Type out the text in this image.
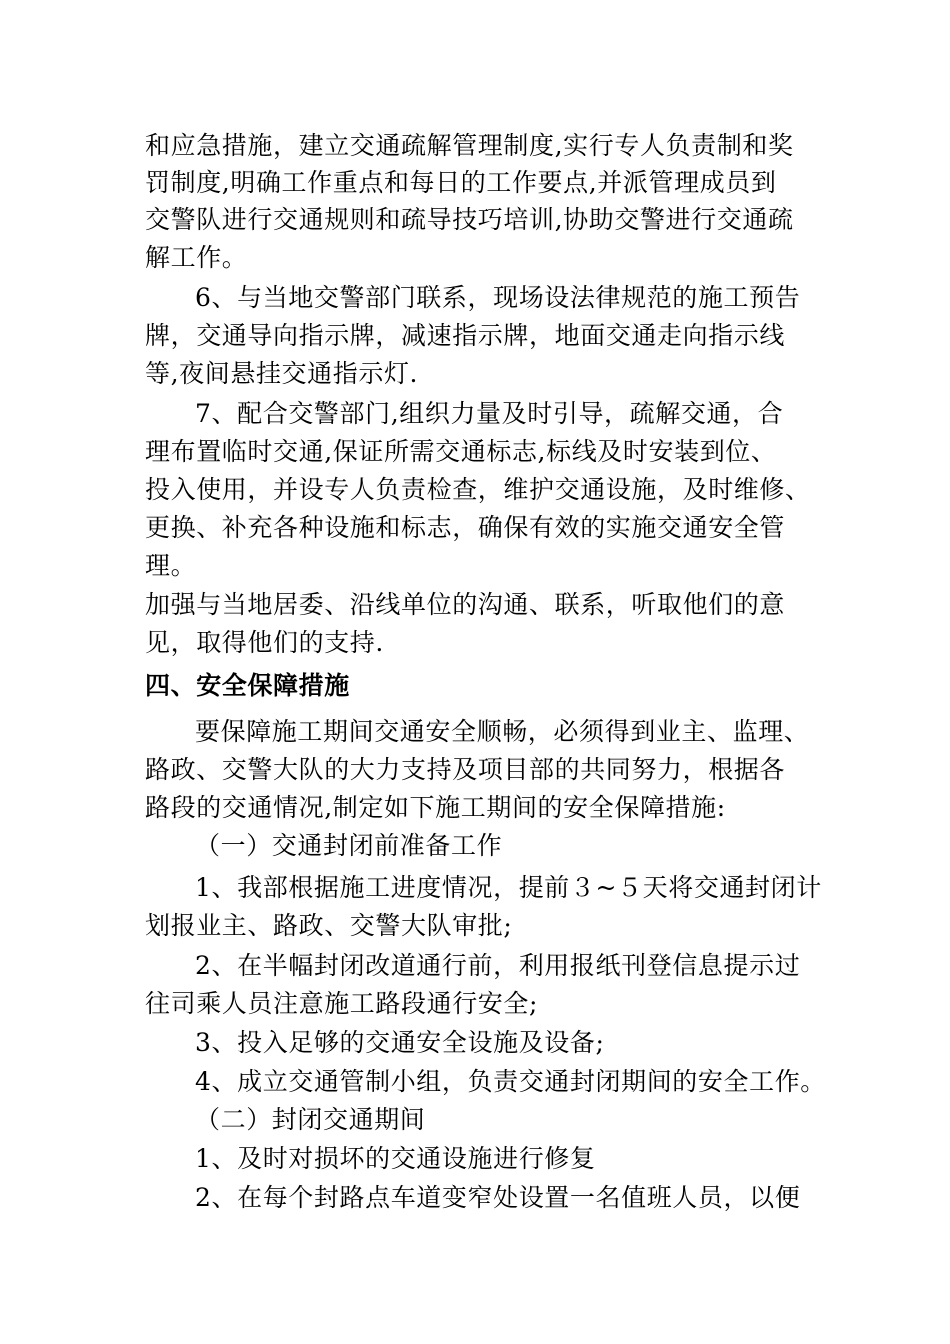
和应急措施，建立交通疏解管理制度,实行专人负责制和奖
罚制度,明确工作重点和每日的工作要点,并派管理成员到
交警队进行交通规则和疏导技巧培训,协助交警进行交通疏
解工作。
6、与当地交警部门联系，现场设法律规范的施工预告
牌，交通导向指示牌，减速指示牌，地面交通走向指示线
等,夜间悬挂交通指示灯.
7、配合交警部门,组织力量及时引导，疏解交通，合
理布置临时交通,保证所需交通标志,标线及时安装到位、
投入使用，并设专人负责检查，维护交通设施，及时维修、
更换、补充各种设施和标志，确保有效的实施交通安全管
理。
加强与当地居委、沿线单位的沟通、联系，听取他们的意
见，取得他们的支持.
四、安全保障措施
要保障施工期间交通安全顺畅，必须得到业主、监理、
路政、交警大队的大力支持及项目部的共同努力，根据各
路段的交通情况,制定如下施工期间的安全保障措施:
（一）交通封闭前准备工作
1、我部根据施工进度情况，提前３~５天将交通封闭计
划报业主、路政、交警大队审批;
2、在半幅封闭改道通行前，利用报纸刊登信息提示过
往司乘人员注意施工路段通行安全;
3、投入足够的交通安全设施及设备;
4、成立交通管制小组，负责交通封闭期间的安全工作。
（二）封闭交通期间
1、及时对损坏的交通设施进行修复
2、在每个封路点车道变窄处设置一名值班人员，以便
